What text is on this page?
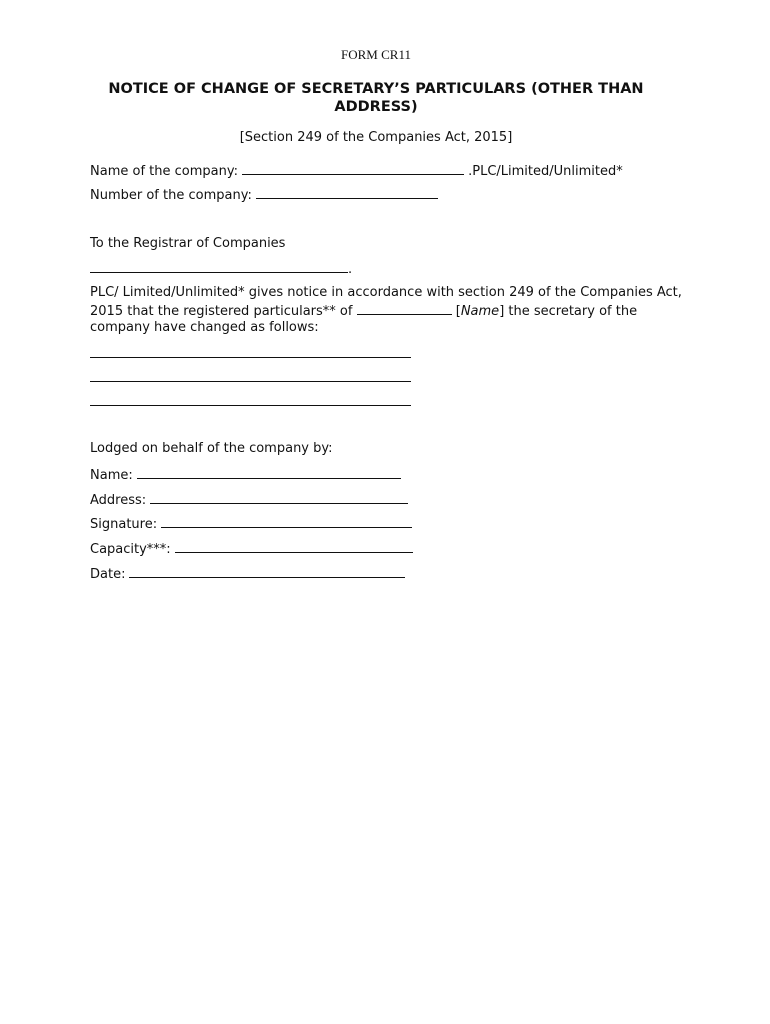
FORM CR11
NOTICE OF CHANGE OF SECRETARY’S PARTICULARS (OTHER THAN ADDRESS)
[Section 249 of the Companies Act, 2015]
Name of the company:	.PLC/Limited/Unlimited*
Number of the company:
To the Registrar of Companies
.
PLC/ Limited/Unlimited* gives notice in accordance with section 249 of the Companies Act, 2015 that the registered particulars** of	[Name] the secretary of the company have changed as follows:
Lodged on behalf of the company by:
Name:
Address:
Signature:
Capacity***:
Date:
